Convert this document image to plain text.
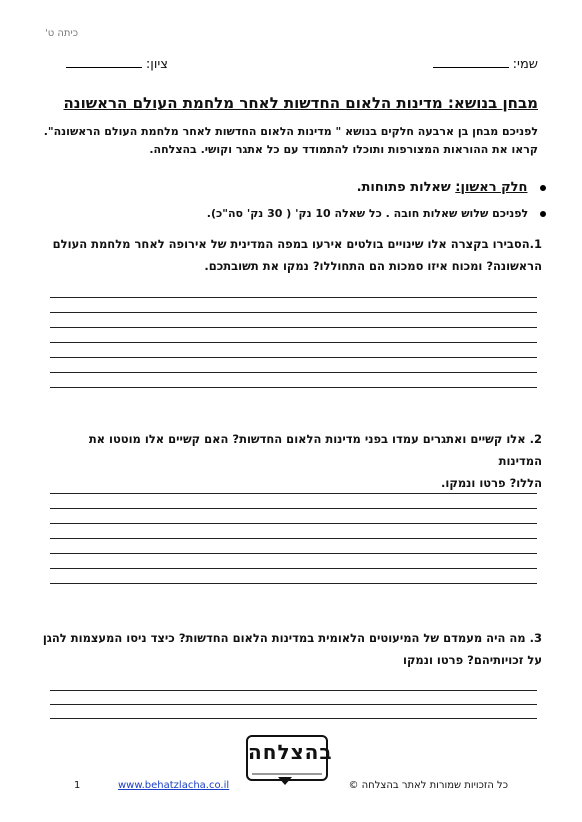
כיתה ט'
שמי:
ציון:
מבחן בנושא: מדינות הלאום החדשות לאחר מלחמת העולם הראשונה
לפניכם מבחן בן ארבעה חלקים בנושא " מדינות הלאום החדשות לאחר מלחמת העולם הראשונה".
קראו את ההוראות המצורפות ותוכלו להתמודד עם כל אתגר וקושי. בהצלחה.
חלק ראשון: שאלות פתוחות.
לפניכם שלוש שאלות חובה . כל שאלה 10 נק' ( 30 נק' סה"כ).
1.הסבירו בקצרה אלו שינויים בולטים אירעו במפה המדינית של אירופה לאחר מלחמת העולם
הראשונה? ומכוח איזו סמכות הם התחוללו? נמקו את תשובתכם.
2. אלו קשיים ואתגרים עמדו בפני מדינות הלאום החדשות? האם קשיים אלו מוטטו את המדינות
הללו? פרטו ונמקו.
3. מה היה מעמדם של המיעוטים הלאומית במדינות הלאום החדשות? כיצד ניסו המעצמות להגן
על זכויותיהם? פרטו ונמקו
בהצלחה
1	www.behatzlacha.co.il	כל הזכויות שמורות לאתר בהצלחה ©
